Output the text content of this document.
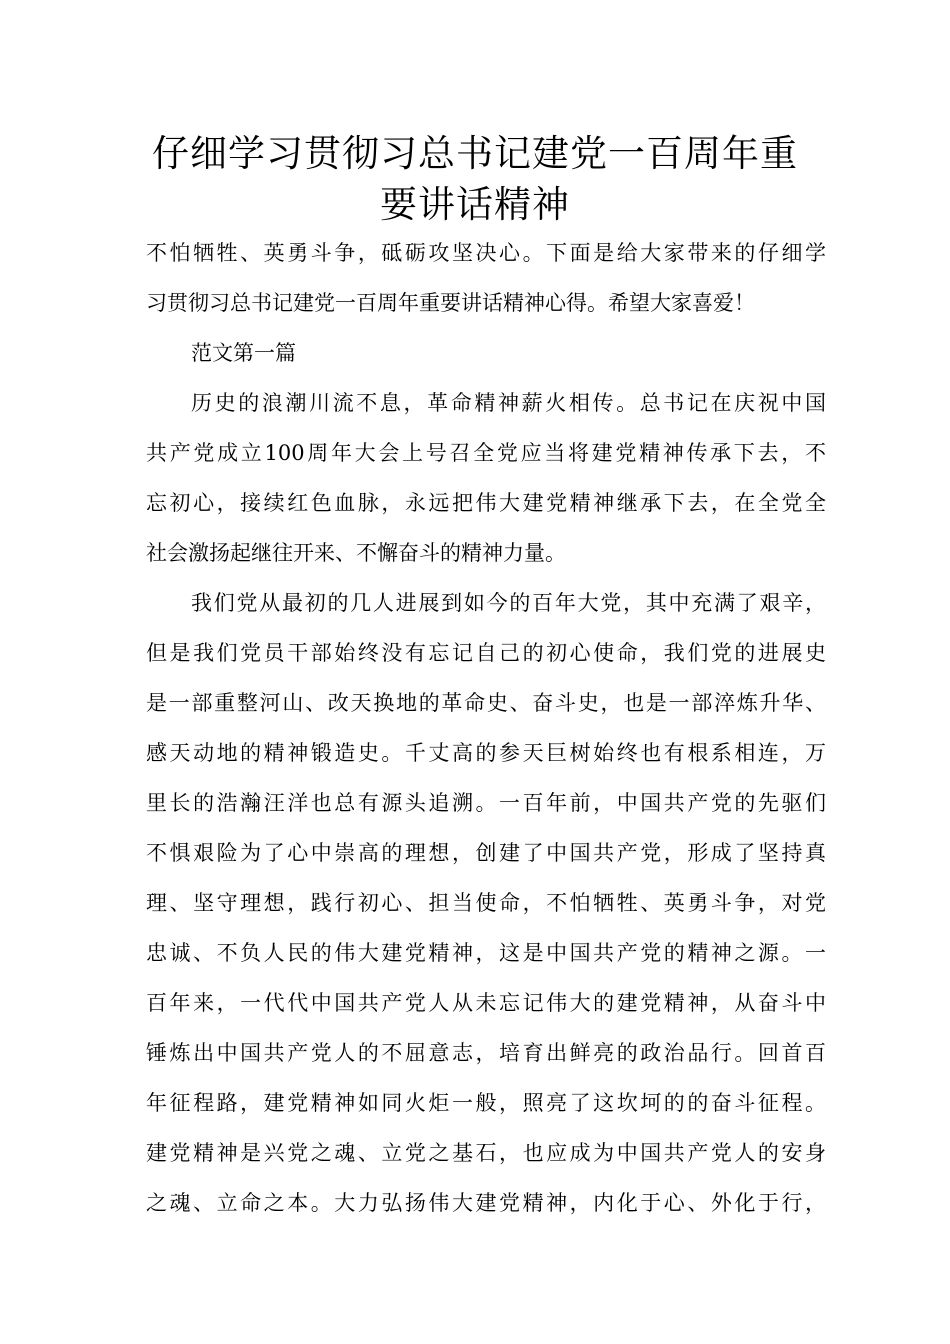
仔细学习贯彻习总书记建党一百周年重
要讲话精神
不怕牺牲、英勇斗争，砥砺攻坚决心。下面是给大家带来的仔细学
习贯彻习总书记建党一百周年重要讲话精神心得。希望大家喜爱！
范文第一篇
历史的浪潮川流不息，革命精神薪火相传。总书记在庆祝中国
共产党成立100周年大会上号召全党应当将建党精神传承下去，不
忘初心，接续红色血脉，永远把伟大建党精神继承下去，在全党全
社会激扬起继往开来、不懈奋斗的精神力量。
我们党从最初的几人进展到如今的百年大党，其中充满了艰辛，
但是我们党员干部始终没有忘记自己的初心使命，我们党的进展史
是一部重整河山、改天换地的革命史、奋斗史，也是一部淬炼升华、
感天动地的精神锻造史。千丈高的参天巨树始终也有根系相连，万
里长的浩瀚汪洋也总有源头追溯。一百年前，中国共产党的先驱们
不惧艰险为了心中崇高的理想，创建了中国共产党，形成了坚持真
理、坚守理想，践行初心、担当使命，不怕牺牲、英勇斗争，对党
忠诚、不负人民的伟大建党精神，这是中国共产党的精神之源。一
百年来，一代代中国共产党人从未忘记伟大的建党精神，从奋斗中
锤炼出中国共产党人的不屈意志，培育出鲜亮的政治品行。回首百
年征程路，建党精神如同火炬一般，照亮了这坎坷的的奋斗征程。
建党精神是兴党之魂、立党之基石，也应成为中国共产党人的安身
之魂、立命之本。大力弘扬伟大建党精神，内化于心、外化于行，
